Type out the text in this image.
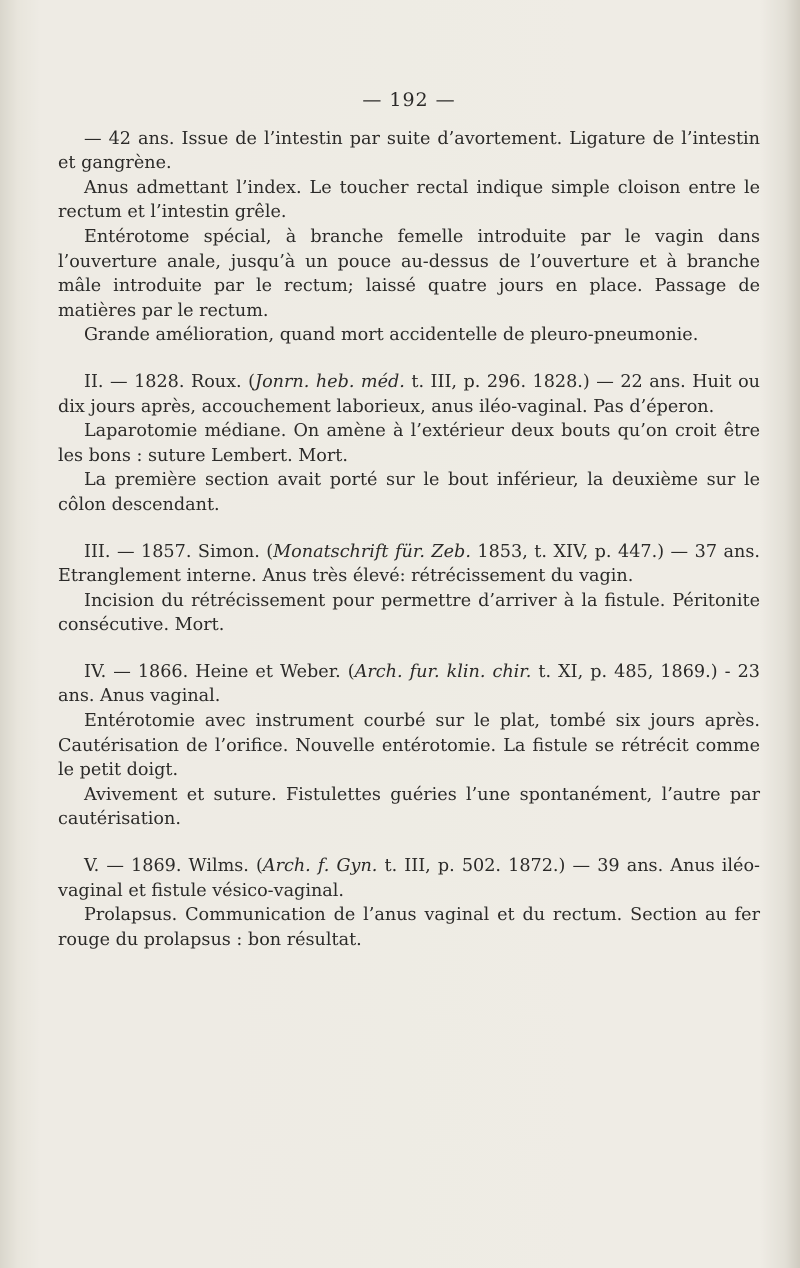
— 192 —

— 42 ans. Issue de l’intestin par suite d’avortement. Ligature de l’intestin et gangrène.

Anus admettant l’index. Le toucher rectal indique simple cloison entre le rectum et l’intestin grêle.

Entérotome spécial, à branche femelle introduite par le vagin dans l’ouverture anale, jusqu’à un pouce au-dessus de l’ouverture et à branche mâle introduite par le rectum; laissé quatre jours en place. Passage de matières par le rectum.

Grande amélioration, quand mort accidentelle de pleuro-pneumonie.

II. — 1828. Roux. (Jonrn. heb. méd. t. III, p. 296. 1828.) — 22 ans. Huit ou dix jours après, accouchement laborieux, anus iléo-vaginal. Pas d’éperon.

Laparotomie médiane. On amène à l’extérieur deux bouts qu’on croit être les bons : suture Lembert. Mort.

La première section avait porté sur le bout inférieur, la deuxième sur le côlon descendant.

III. — 1857. Simon. (Monatschrift für. Zeb. 1853, t. XIV, p. 447.) — 37 ans. Etranglement interne. Anus très élevé: rétrécissement du vagin.

Incision du rétrécissement pour permettre d’arriver à la fistule. Péritonite consécutive. Mort.

IV. — 1866. Heine et Weber. (Arch. fur. klin. chir. t. XI, p. 485, 1869.) - 23 ans. Anus vaginal.

Entérotomie avec instrument courbé sur le plat, tombé six jours après. Cautérisation de l’orifice. Nouvelle entérotomie. La fistule se rétrécit comme le petit doigt.

Avivement et suture. Fistulettes guéries l’une spontanément, l’autre par cautérisation.

V. — 1869. Wilms. (Arch. f. Gyn. t. III, p. 502. 1872.) — 39 ans. Anus iléo-vaginal et fistule vésico-vaginal.

Prolapsus. Communication de l’anus vaginal et du rectum. Section au fer rouge du prolapsus : bon résultat.
